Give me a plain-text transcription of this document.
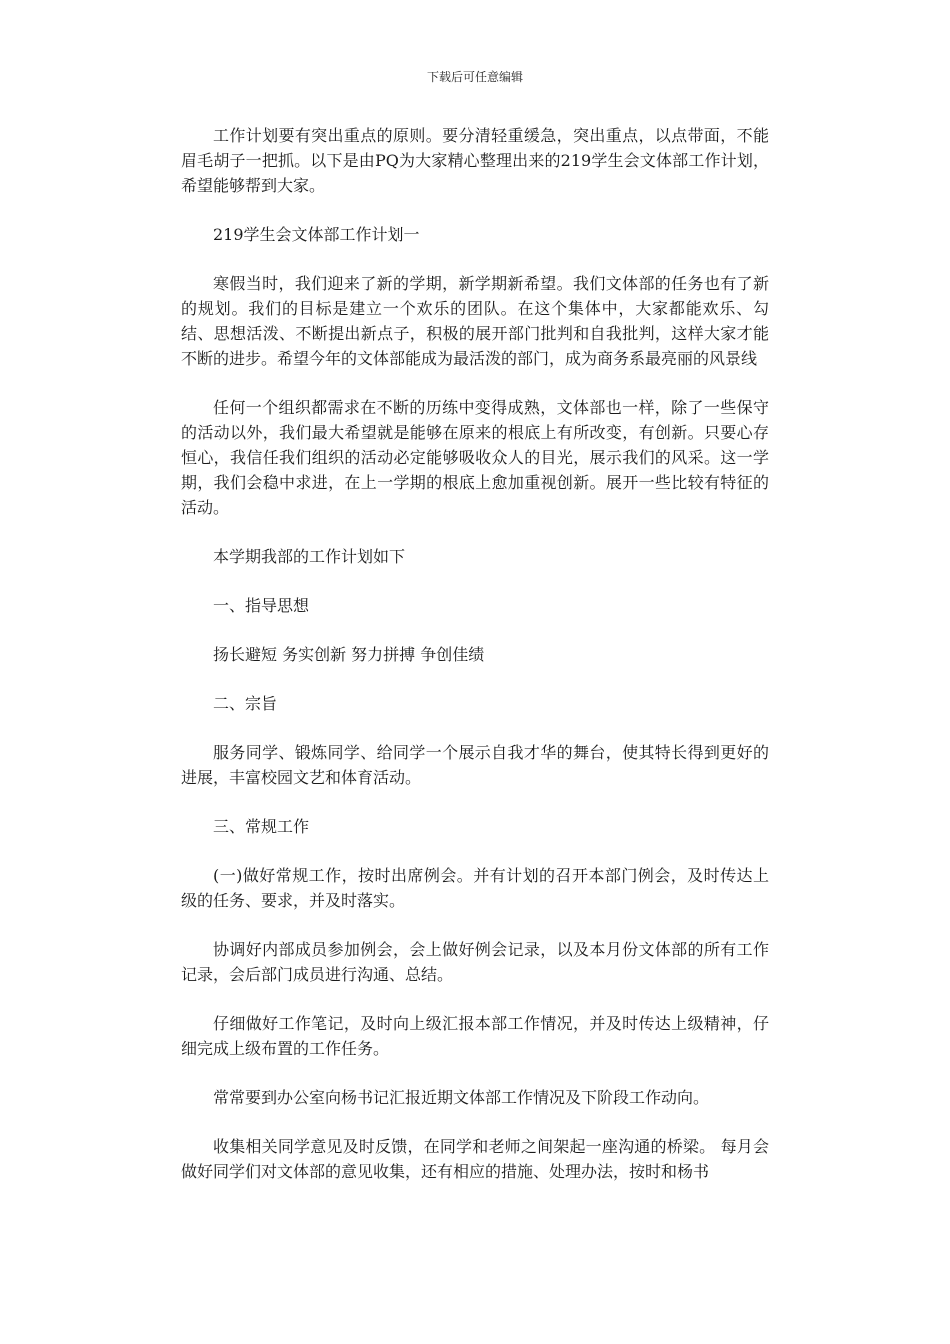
下载后可任意编辑

工作计划要有突出重点的原则。要分清轻重缓急，突出重点，以点带面，不能眉毛胡子一把抓。以下是由PQ为大家精心整理出来的219学生会文体部工作计划，希望能够帮到大家。

219学生会文体部工作计划一

寒假当时，我们迎来了新的学期，新学期新希望。我们文体部的任务也有了新的规划。我们的目标是建立一个欢乐的团队。在这个集体中，大家都能欢乐、勾结、思想活泼、不断提出新点子，积极的展开部门批判和自我批判，这样大家才能不断的进步。希望今年的文体部能成为最活泼的部门，成为商务系最亮丽的风景线

任何一个组织都需求在不断的历练中变得成熟，文体部也一样，除了一些保守的活动以外，我们最大希望就是能够在原来的根底上有所改变，有创新。只要心存恒心，我信任我们组织的活动必定能够吸收众人的目光，展示我们的风采。这一学期，我们会稳中求进，在上一学期的根底上愈加重视创新。展开一些比较有特征的活动。

本学期我部的工作计划如下

一、指导思想

扬长避短 务实创新 努力拼搏 争创佳绩

二、宗旨

服务同学、锻炼同学、给同学一个展示自我才华的舞台，使其特长得到更好的进展，丰富校园文艺和体育活动。

三、常规工作

(一)做好常规工作，按时出席例会。并有计划的召开本部门例会，及时传达上级的任务、要求，并及时落实。

协调好内部成员参加例会，会上做好例会记录，以及本月份文体部的所有工作记录，会后部门成员进行沟通、总结。

仔细做好工作笔记，及时向上级汇报本部工作情况，并及时传达上级精神，仔细完成上级布置的工作任务。

常常要到办公室向杨书记汇报近期文体部工作情况及下阶段工作动向。

收集相关同学意见及时反馈，在同学和老师之间架起一座沟通的桥梁。 每月会做好同学们对文体部的意见收集，还有相应的措施、处理办法，按时和杨书
